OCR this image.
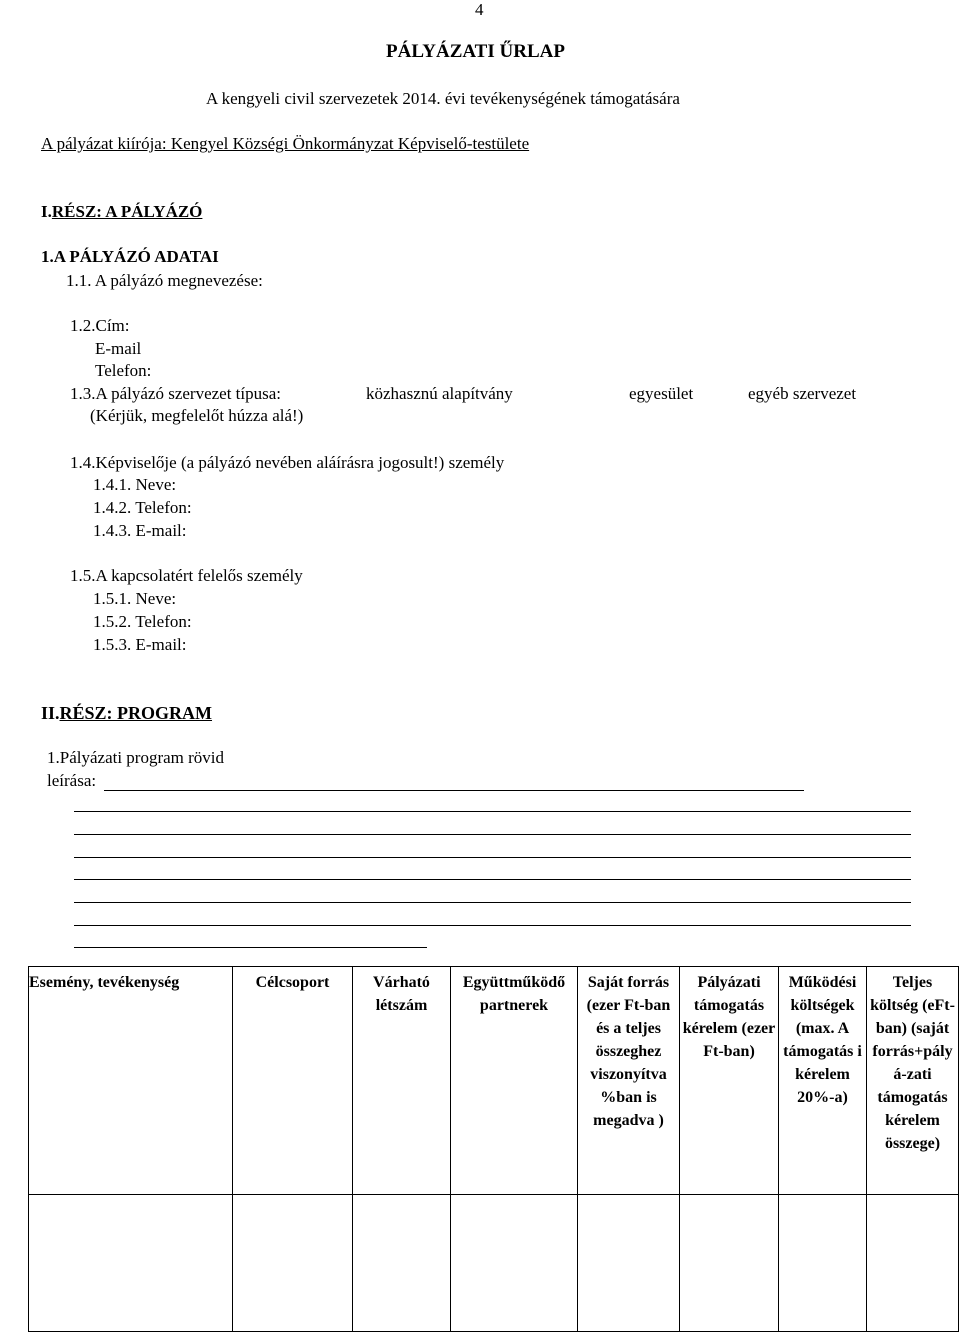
4
PÁLYÁZATI ŰRLAP
A kengyeli civil szervezetek 2014. évi tevékenységének támogatására
A pályázat kiírója: Kengyel Községi Önkormányzat Képviselő-testülete
I.RÉSZ: A PÁLYÁZÓ
1.A PÁLYÁZÓ ADATAI
1.1. A pályázó megnevezése:
1.2.Cím:
E-mail
Telefon:
1.3.A pályázó szervezet típusa:	közhasznú alapítvány	egyesület	egyéb szervezet
(Kérjük, megfelelőt húzza alá!)
1.4.Képviselője (a pályázó nevében aláírásra jogosult!) személy
1.4.1. Neve:
1.4.2. Telefon:
1.4.3. E-mail:
1.5.A kapcsolatért felelős személy
1.5.1. Neve:
1.5.2. Telefon:
1.5.3. E-mail:
II.RÉSZ: PROGRAM
1.Pályázati program rövid
leírása:
Esemény, tevékenység	Célcsoport	Várható létszám	Együttműködő partnerek	Saját forrás (ezer Ft-ban és a teljes összeghez viszonyítva %ban is megadva )	Pályázati támogatás kérelem (ezer Ft-ban)	Működési költségek (max. A támogatás i kérelem 20%-a)	Teljes költség (eFt-ban) (saját forrás+pályá-zati támogatás kérelem összege)
